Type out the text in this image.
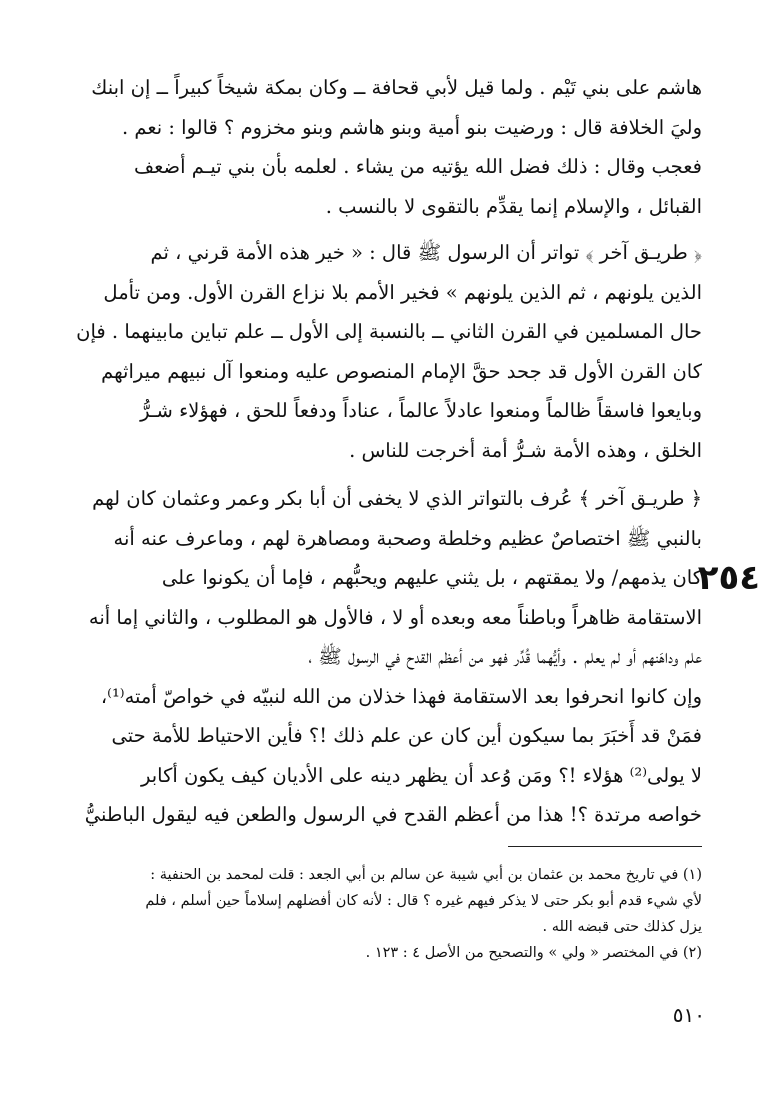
هاشم على بني تَيْم . ولما قيل لأبي قحافة ــ وكان بمكة شيخاً كبيراً ــ إن ابنك
وليَ الخلافة قال : ورضيت بنو أمية وبنو هاشم وبنو مخزوم ؟ قالوا : نعم .
فعجب وقال : ذلك فضل الله يؤتيه من يشاء . لعلمه بأن بني تيـم أضعف
القبائل ، والإسلام إنما يقدِّم بالتقوى لا بالنسب .
﴿ طريـق آخر ﴾ تواتر أن الرسول ﷺ قال : « خير هذه الأمة قرني ، ثم
الذين يلونهم ، ثم الذين يلونهم » فخير الأمم بلا نزاع القرن الأول. ومن تأمل
حال المسلمين في القرن الثاني ــ بالنسبة إلى الأول ــ علم تباين مابينهما . فإن
كان القرن الأول قد جحد حقَّ الإمام المنصوص عليه ومنعوا آل نبيهم ميراثهم
وبايعوا فاسقاً ظالماً ومنعوا عادلاً عالماً ، عناداً ودفعاً للحق ، فهؤلاء شـرُّ
الخلق ، وهذه الأمة شـرُّ أمة أخرجت للناس .
﴿ طريـق آخر ﴾ عُرف بالتواتر الذي لا يخفى أن أبا بكر وعمر وعثمان كان لهم
بالنبي ﷺ اختصاصٌ عظيم وخلطة وصحبة ومصاهرة لهم ، وماعرف عنه أنه
كان يذمهم/ ولا يمقتهم ، بل يثني عليهم ويحبُّهم ، فإما أن يكونوا على
الاستقامة ظاهراً وباطناً معه وبعده أو لا ، فالأول هو المطلوب ، والثاني إما أنه
علم وداهَنهم أو لم يعلم . وأيُّهما قُدِّر فهو من أعظم القدح في الرسول ﷺ ،
وإن كانوا انحرفوا بعد الاستقامة فهذا خذلان من الله لنبيّه في خواصّ أمته⁽¹⁾،
فمَنْ قد أَخبَرَ بما سيكون أين كان عن علم ذلك !؟ فأين الاحتياط للأمة حتى
لا يولى⁽²⁾ هؤلاء !؟ ومَن وُعد أن يظهر دينه على الأديان كيف يكون أكابر
خواصه مرتدة ؟! هذا من أعظم القدح في الرسول والطعن فيه ليقول الباطنيُّ
٢٥٤
(١) في تاريخ محمد بن عثمان بن أبي شيبة عن سالم بن أبي الجعد : قلت لمحمد بن الحنفية :
لأي شيء قدم أبو بكر حتى لا يذكر فيهم غيره ؟ قال : لأنه كان أفضلهم إسلاماً حين أسلم ، فلم
يزل كذلك حتى قبضه الله .
(٢) في المختصر « ولي » والتصحيح من الأصل ٤ : ١٢٣ .
٥١٠
